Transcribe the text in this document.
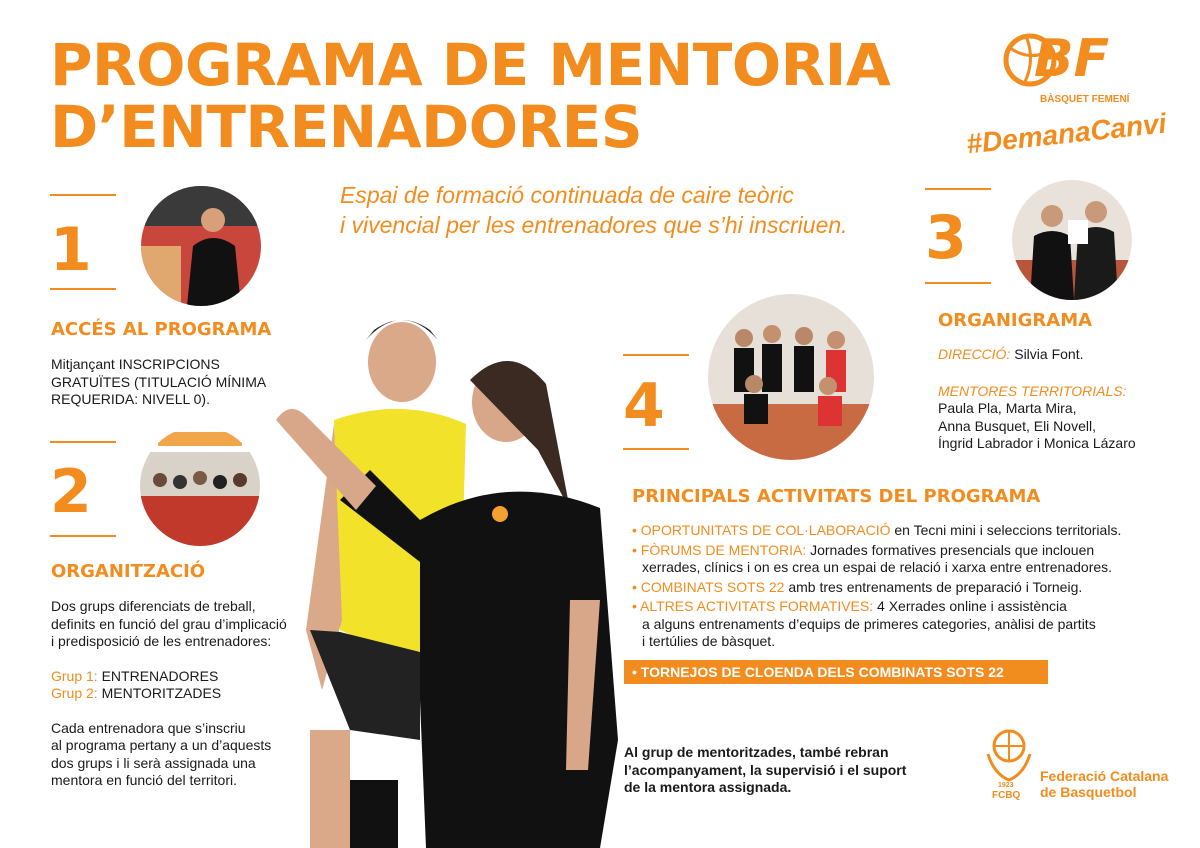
PROGRAMA DE MENTORIA
D’ENTRENADORES
Espai de formació continuada de caire teòric
i vivencial per les entrenadores que s’hi inscriuen.
BF
BÀSQUET FEMENÍ
#DemanaCanvi
1
ACCÉS AL PROGRAMA
Mitjançant INSCRIPCIONS
GRATUÏTES (TITULACIÓ MÍNIMA
REQUERIDA: NIVELL 0).
2
ORGANITZACIÓ
Dos grups diferenciats de treball,
definits en funció del grau d’implicació
i predisposició de les entrenadores:
Grup 1: ENTRENADORES
Grup 2: MENTORITZADES
Cada entrenadora que s’inscriu
al programa pertany a un d’aquests
dos grups i li serà assignada una
mentora en funció del territori.
3
ORGANIGRAMA
DIRECCIÓ: Silvia Font.
MENTORES TERRITORIALS:
Paula Pla, Marta Mira,
Anna Busquet, Eli Novell,
Íngrid Labrador i Monica Lázaro
4
PRINCIPALS ACTIVITATS DEL PROGRAMA
• OPORTUNITATS DE COL·LABORACIÓ en Tecni mini i seleccions territorials.
• FÒRUMS DE MENTORIA: Jornades formatives presencials que inclouen
xerrades, clínics i on es crea un espai de relació i xarxa entre entrenadores.
• COMBINATS SOTS 22 amb tres entrenaments de preparació i Torneig.
• ALTRES ACTIVITATS FORMATIVES: 4 Xerrades online i assistència
a alguns entrenaments d’equips de primeres categories, anàlisi de partits
i tertúlies de bàsquet.
• TORNEJOS DE CLOENDA DELS COMBINATS SOTS 22
Al grup de mentoritzades, també rebran
l’acompanyament, la supervisió i el suport
de la mentora assignada.	1923
FCBQ
Federació Catalana
de Basquetbol
